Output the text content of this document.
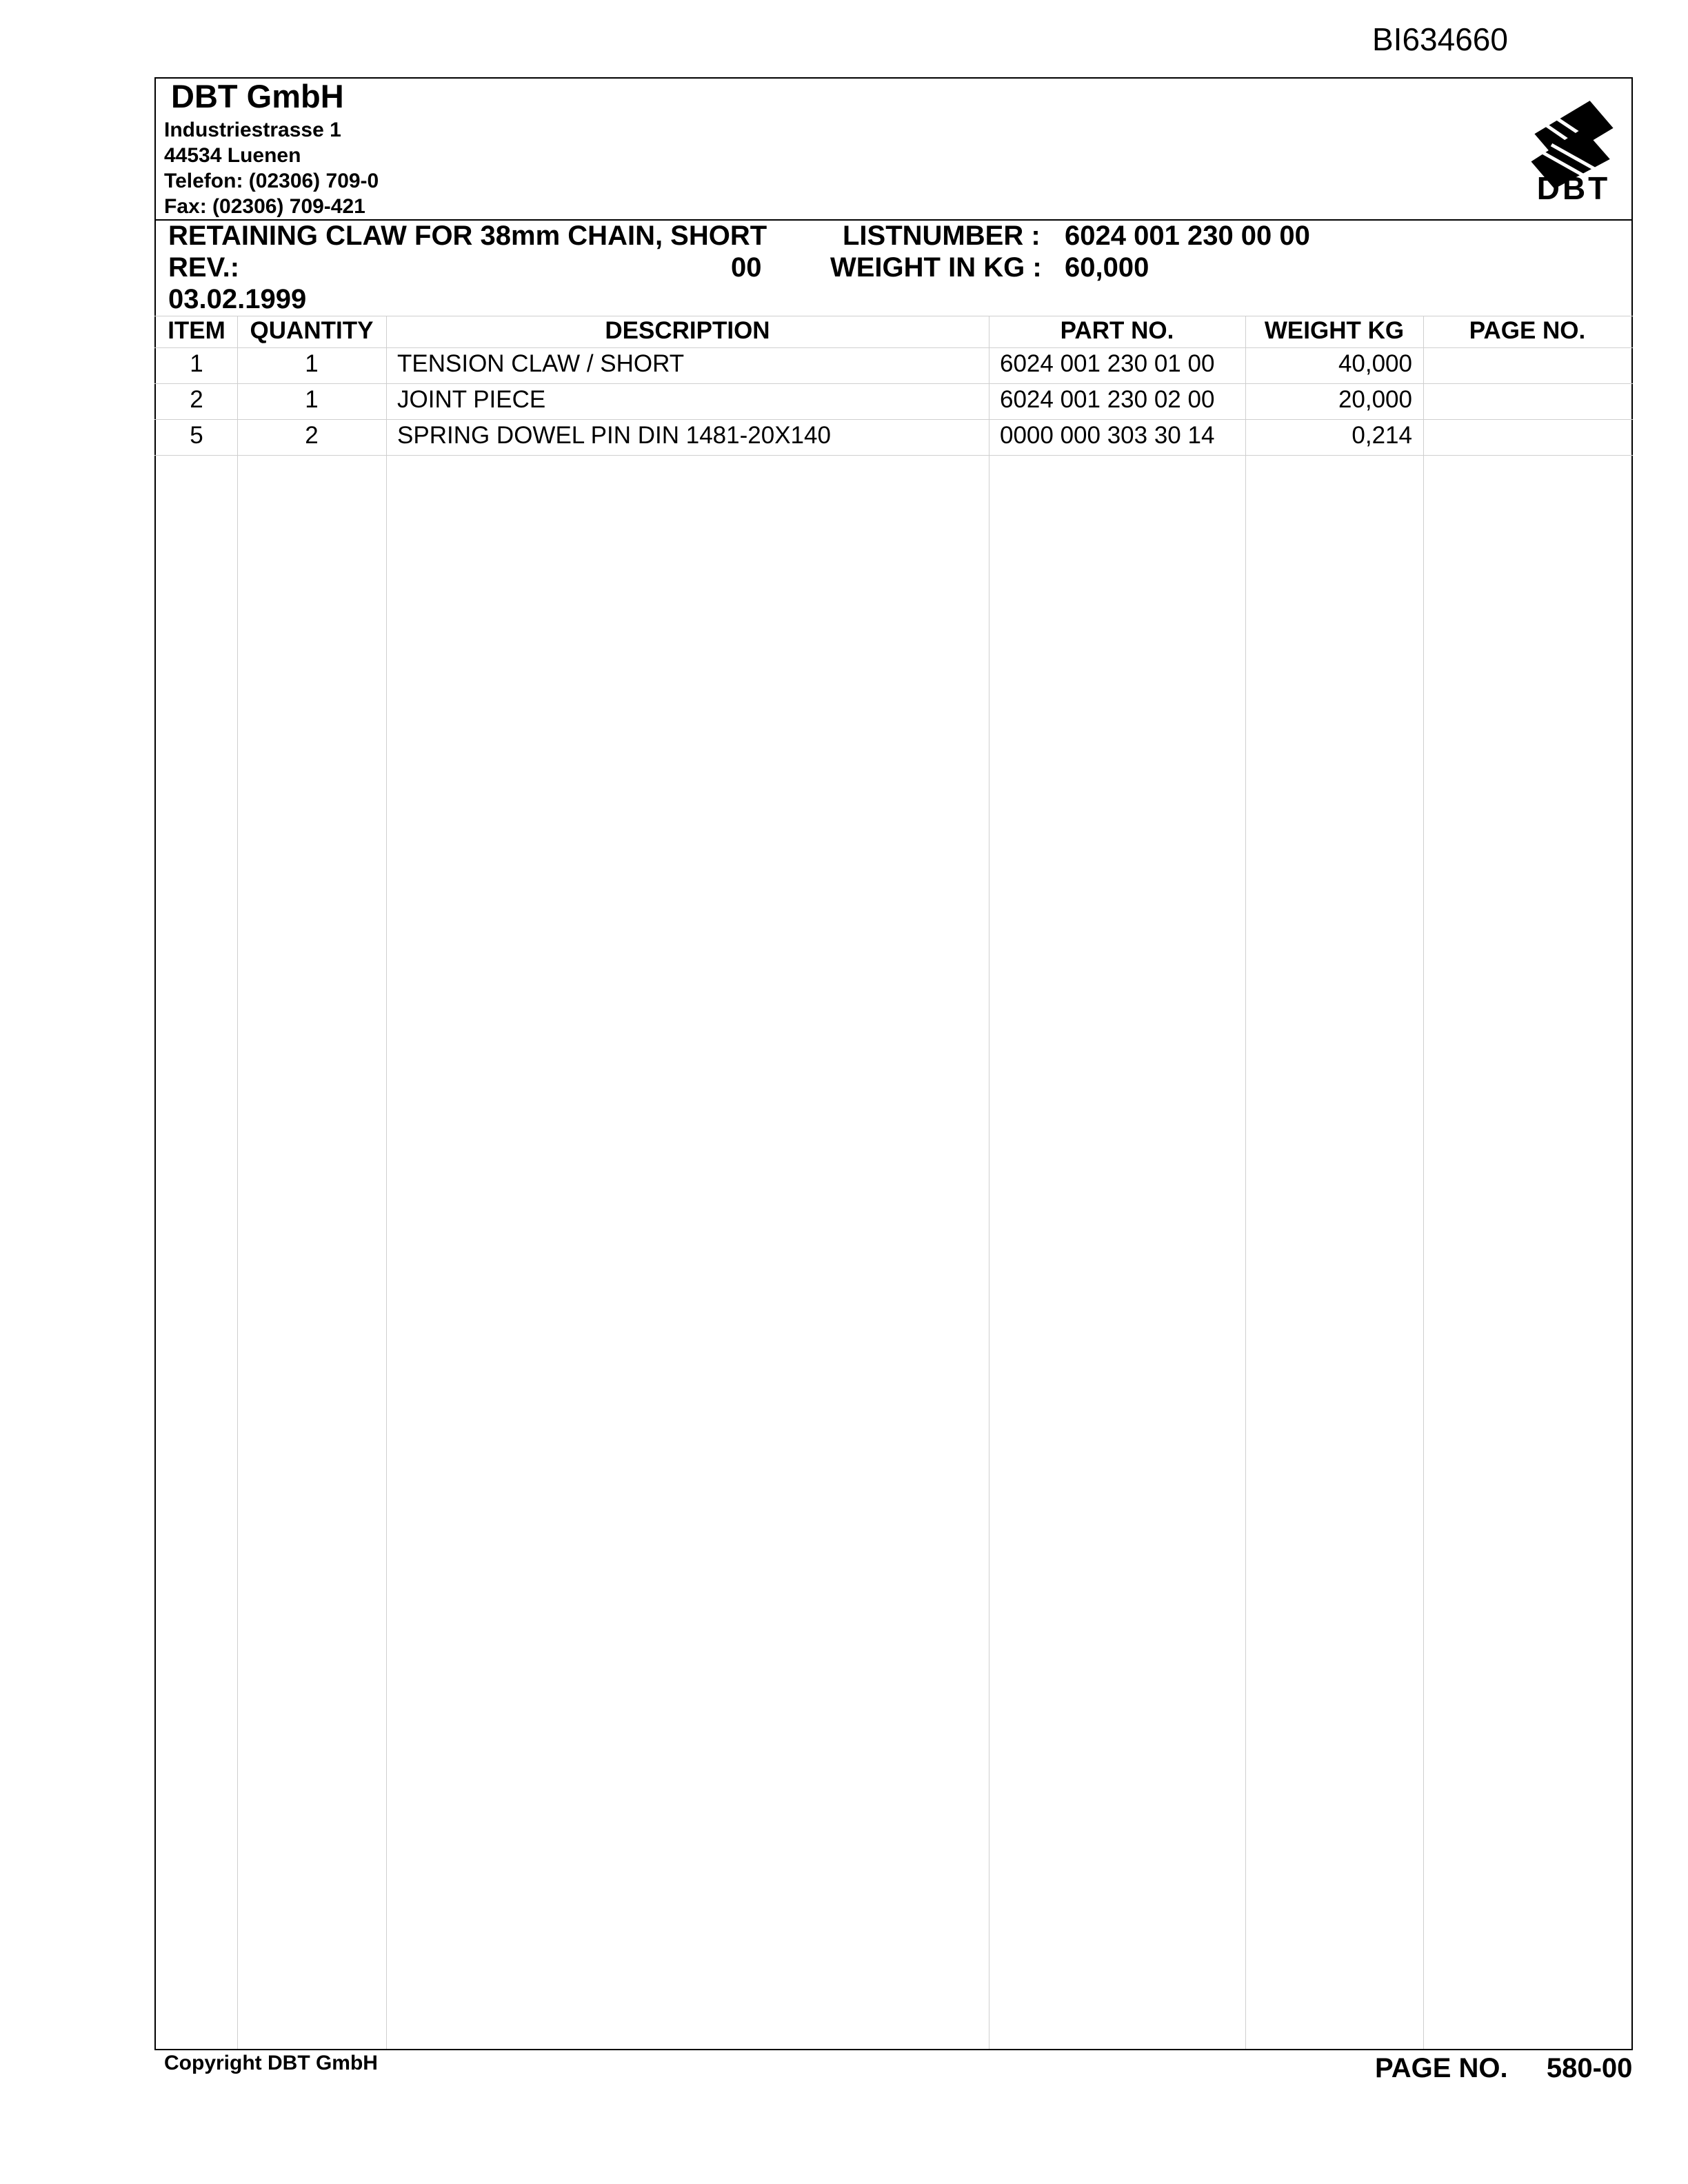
BI634660
DBT GmbH
Industriestrasse 1
44534 Luenen
Telefon: (02306) 709-0
Fax: (02306) 709-421
DBT
RETAINING CLAW FOR 38mm CHAIN, SHORT	LISTNUMBER : 6024 001 230 00 00
REV.:	00 WEIGHT IN KG : 60,000
03.02.1999
ITEM	QUANTITY	DESCRIPTION	PART NO.	WEIGHT KG	PAGE NO.
1	1	TENSION CLAW / SHORT	6024 001 230 01 00	40,000
2	1	JOINT PIECE	6024 001 230 02 00	20,000
5	2	SPRING DOWEL PIN DIN 1481-20X140	0000 000 303 30 14	0,214
Copyright DBT GmbH	PAGE NO. 580-00
